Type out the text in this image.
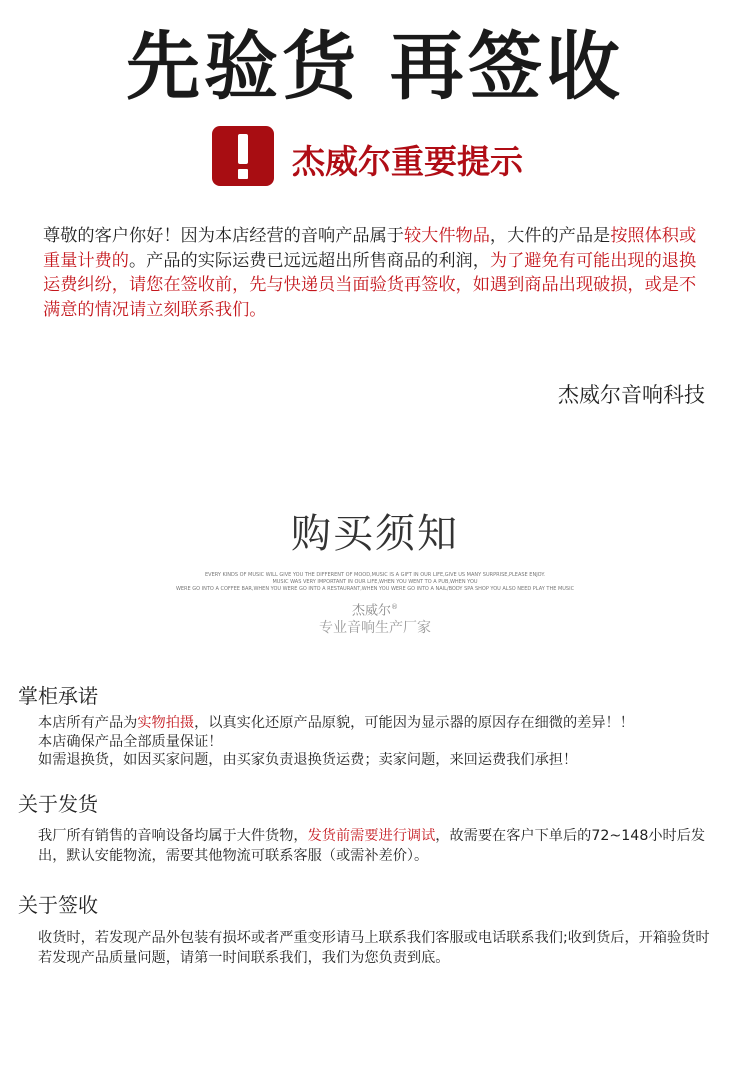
先验货 再签收
杰威尔重要提示
尊敬的客户你好！因为本店经营的音响产品属于较大件物品，大件的产品是按照体积或重量计费的。产品的实际运费已远远超出所售商品的利润，为了避免有可能出现的退换运费纠纷，请您在签收前，先与快递员当面验货再签收，如遇到商品出现破损，或是不满意的情况请立刻联系我们。
杰威尔音响科技
购买须知
EVERY KINDS OF MUSIC WILL GIVE YOU THE DIFFERENT OF MOOD,MUSIC IS A GIFT IN OUR LIFE,GIVE US MANY SURPRISE,PLEASE ENJOY.
MUSIC WAS VERY IMPORTANT IN OUR LIFE,WHEN YOU WENT TO A PUB,WHEN YOU
WERE GO INTO A COFFEE BAR,WHEN YOU WERE GO INTO A RESTAURANT,WHEN YOU WERE GO INTO A NAIL/BODY SPA SHOP YOU ALSO NEED PLAY THE MUSIC
杰威尔®
专业音响生产厂家
掌柜承诺
本店所有产品为实物拍摄，以真实化还原产品原貌，可能因为显示器的原因存在细微的差异！！
本店确保产品全部质量保证！
如需退换货，如因买家问题，由买家负责退换货运费；卖家问题，来回运费我们承担！
关于发货
我厂所有销售的音响设备均属于大件货物，发货前需要进行调试，故需要在客户下单后的72~148小时后发出，默认安能物流，需要其他物流可联系客服（或需补差价）。
关于签收
收货时，若发现产品外包装有损坏或者严重变形请马上联系我们客服或电话联系我们;收到货后，开箱验货时若发现产品质量问题，请第一时间联系我们，我们为您负责到底。
